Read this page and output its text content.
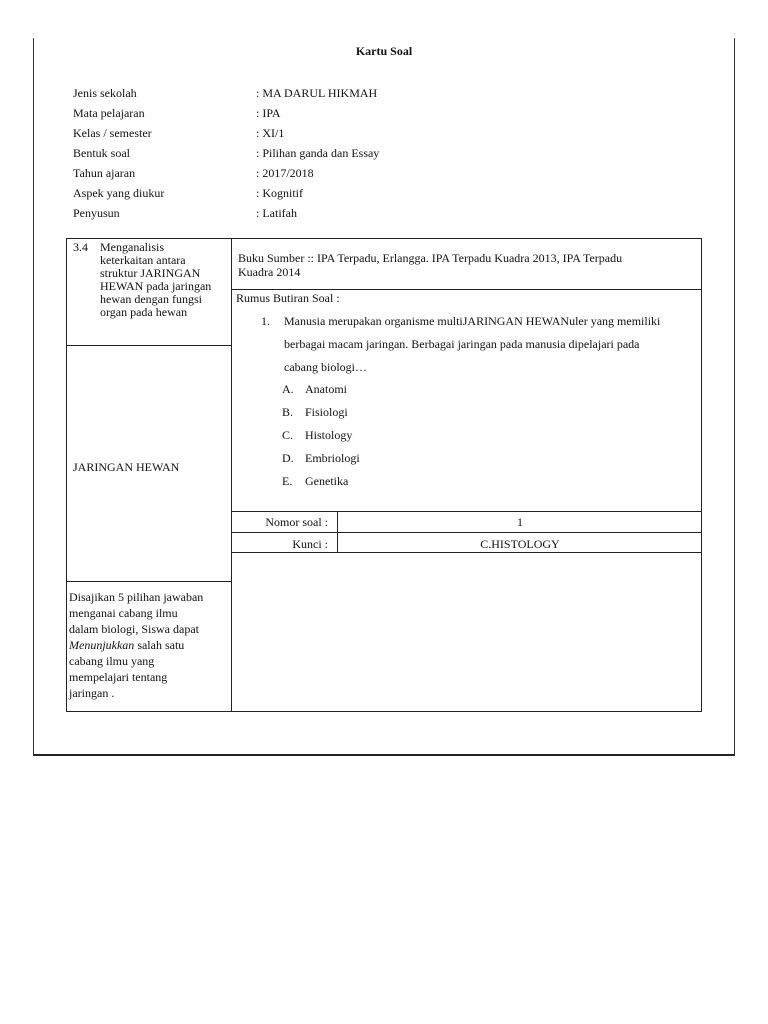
Kartu Soal
Jenis sekolah	: MA DARUL HIKMAH
Mata pelajaran	: IPA
Kelas / semester	: XI/1
Bentuk soal	: Pilihan ganda dan Essay
Tahun ajaran	: 2017/2018
Aspek yang diukur	: Kognitif
Penyusun	: Latifah
3.4 Menganalisis
keterkaitan antara
struktur JARINGAN
HEWAN pada jaringan
hewan dengan fungsi
organ pada hewan
Buku Sumber :: IPA Terpadu, Erlangga. IPA Terpadu Kuadra 2013, IPA Terpadu
Kuadra 2014
Rumus Butiran Soal :
1. Manusia merupakan organisme multiJARINGAN HEWANuler yang memiliki
berbagai macam jaringan. Berbagai jaringan pada manusia dipelajari pada
cabang biologi…
A. Anatomi
B. Fisiologi
C. Histology
D. Embriologi
E. Genetika
JARINGAN HEWAN
Nomor soal :	1
Kunci :	C.HISTOLOGY
Disajikan 5 pilihan jawaban
menganai cabang ilmu
dalam biologi, Siswa dapat
Menunjukkan salah satu
cabang ilmu yang
mempelajari tentang
jaringan .
